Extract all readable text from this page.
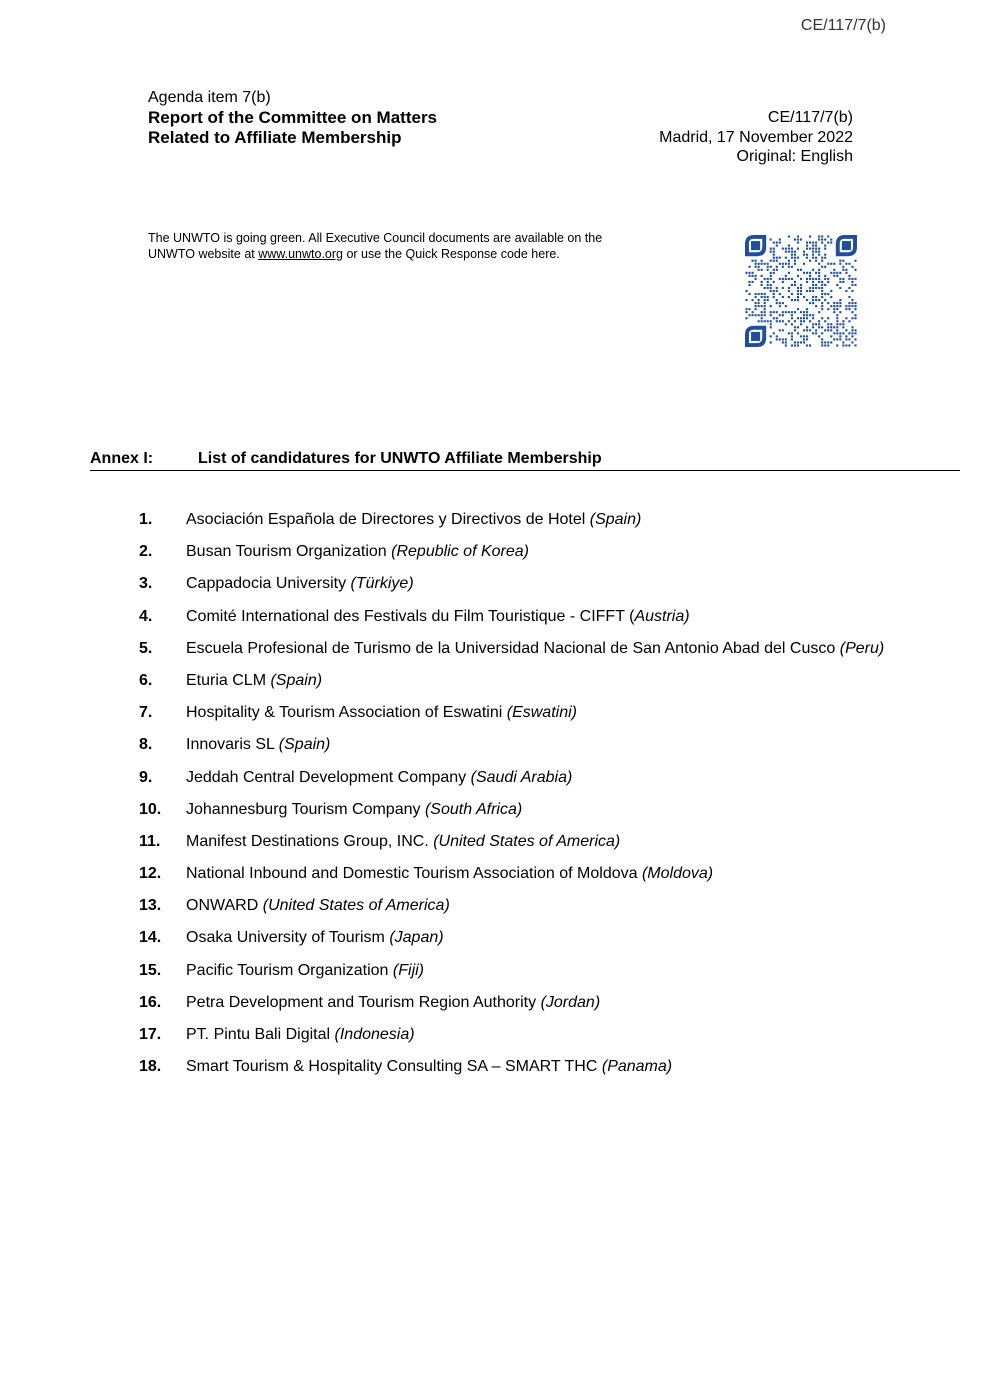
CE/117/7(b)
Agenda item 7(b)
Report of the Committee on Matters
Related to Affiliate Membership
CE/117/7(b)
Madrid, 17 November 2022
Original: English
The UNWTO is going green. All Executive Council documents are available on the UNWTO website at www.unwto.org or use the Quick Response code here.
Annex I:	List of candidatures for UNWTO Affiliate Membership
1.	Asociación Española de Directores y Directivos de Hotel (Spain)
2.	Busan Tourism Organization (Republic of Korea)
3.	Cappadocia University (Türkiye)
4.	Comité International des Festivals du Film Touristique - CIFFT (Austria)
5.	Escuela Profesional de Turismo de la Universidad Nacional de San Antonio Abad del Cusco (Peru)
6.	Eturia CLM (Spain)
7.	Hospitality & Tourism Association of Eswatini (Eswatini)
8.	Innovaris SL (Spain)
9.	Jeddah Central Development Company (Saudi Arabia)
10.	Johannesburg Tourism Company (South Africa)
11.	Manifest Destinations Group, INC. (United States of America)
12.	National Inbound and Domestic Tourism Association of Moldova (Moldova)
13.	ONWARD (United States of America)
14.	Osaka University of Tourism (Japan)
15.	Pacific Tourism Organization (Fiji)
16.	Petra Development and Tourism Region Authority (Jordan)
17.	PT. Pintu Bali Digital (Indonesia)
18.	Smart Tourism & Hospitality Consulting SA – SMART THC (Panama)
